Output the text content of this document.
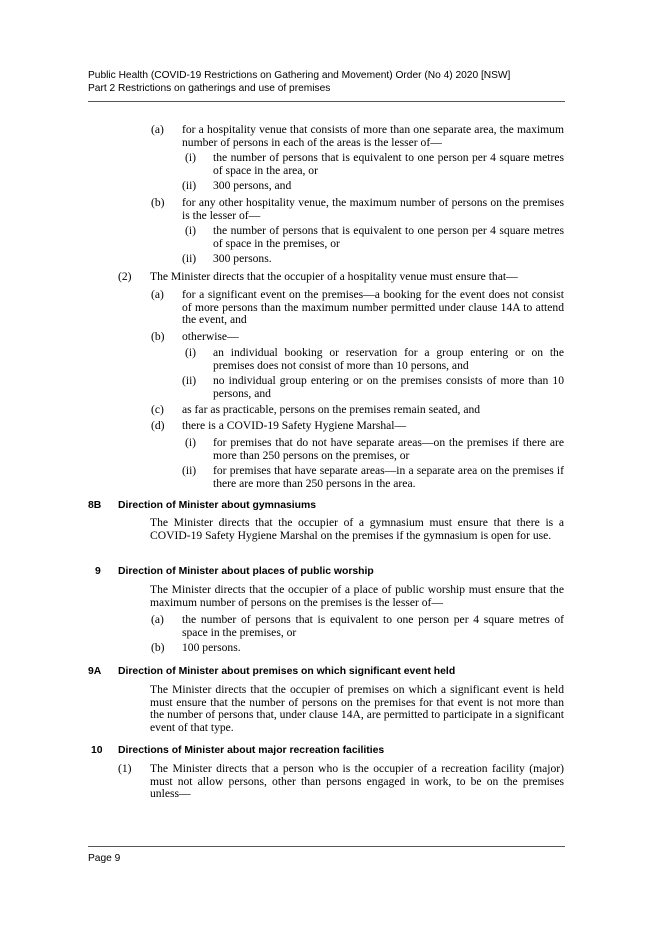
Public Health (COVID-19 Restrictions on Gathering and Movement) Order (No 4) 2020 [NSW]
Part 2 Restrictions on gatherings and use of premises
(a) for a hospitality venue that consists of more than one separate area, the maximum number of persons in each of the areas is the lesser of—
(i) the number of persons that is equivalent to one person per 4 square metres of space in the area, or
(ii) 300 persons, and
(b) for any other hospitality venue, the maximum number of persons on the premises is the lesser of—
(i) the number of persons that is equivalent to one person per 4 square metres of space in the premises, or
(ii) 300 persons.
(2) The Minister directs that the occupier of a hospitality venue must ensure that—
(a) for a significant event on the premises—a booking for the event does not consist of more persons than the maximum number permitted under clause 14A to attend the event, and
(b) otherwise—
(i) an individual booking or reservation for a group entering or on the premises does not consist of more than 10 persons, and
(ii) no individual group entering or on the premises consists of more than 10 persons, and
(c) as far as practicable, persons on the premises remain seated, and
(d) there is a COVID-19 Safety Hygiene Marshal—
(i) for premises that do not have separate areas—on the premises if there are more than 250 persons on the premises, or
(ii) for premises that have separate areas—in a separate area on the premises if there are more than 250 persons in the area.
8B Direction of Minister about gymnasiums
The Minister directs that the occupier of a gymnasium must ensure that there is a COVID-19 Safety Hygiene Marshal on the premises if the gymnasium is open for use.
9 Direction of Minister about places of public worship
The Minister directs that the occupier of a place of public worship must ensure that the maximum number of persons on the premises is the lesser of—
(a) the number of persons that is equivalent to one person per 4 square metres of space in the premises, or
(b) 100 persons.
9A Direction of Minister about premises on which significant event held
The Minister directs that the occupier of premises on which a significant event is held must ensure that the number of persons on the premises for that event is not more than the number of persons that, under clause 14A, are permitted to participate in a significant event of that type.
10 Directions of Minister about major recreation facilities
(1) The Minister directs that a person who is the occupier of a recreation facility (major) must not allow persons, other than persons engaged in work, to be on the premises unless—
Page 9
